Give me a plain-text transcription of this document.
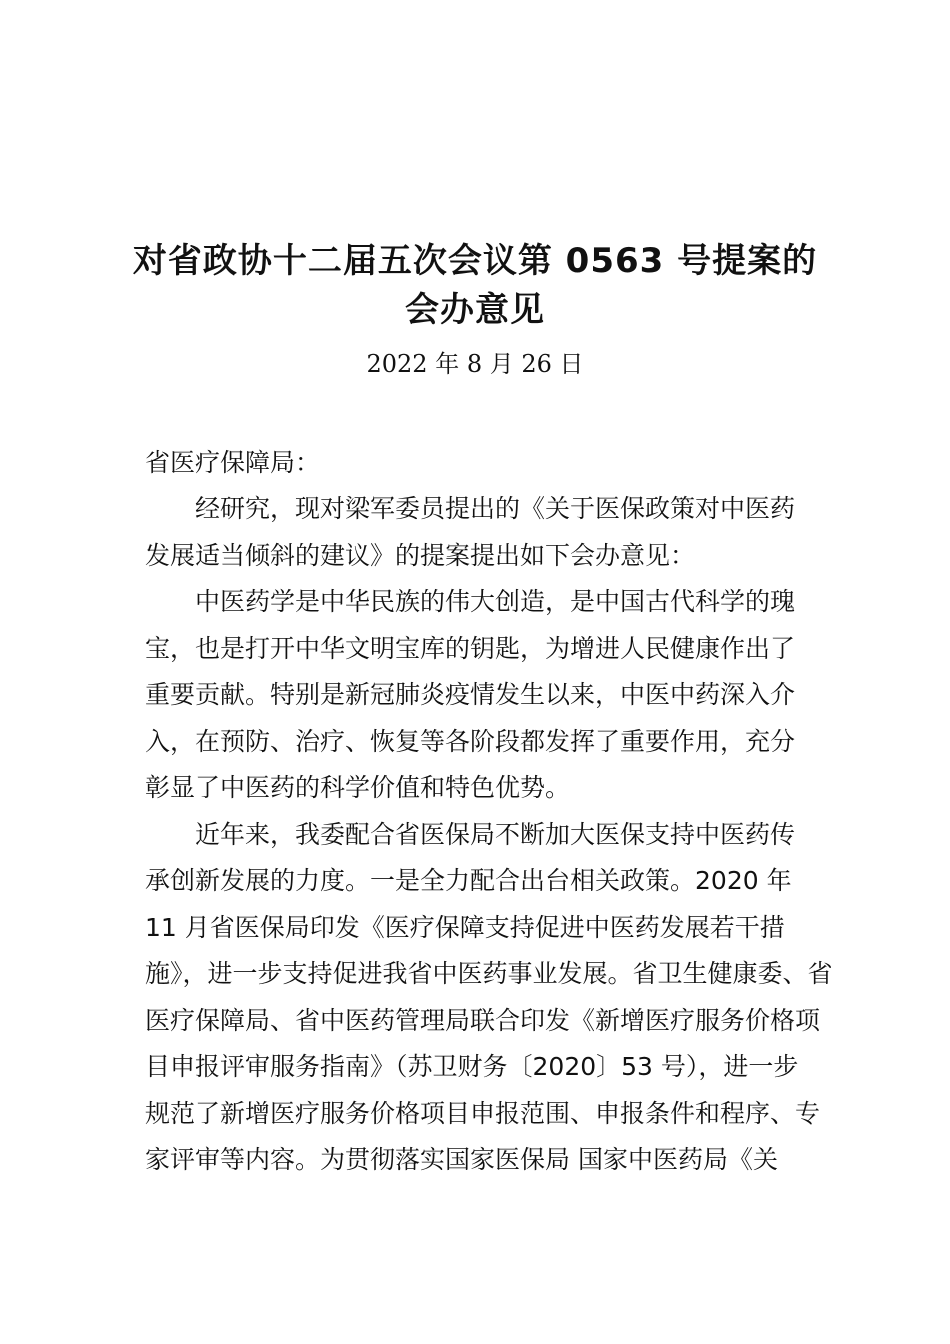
对省政协十二届五次会议第 0563 号提案的
会办意见
2022 年 8 月 26 日
省医疗保障局：
经研究，现对梁军委员提出的《关于医保政策对中医药
发展适当倾斜的建议》的提案提出如下会办意见：
中医药学是中华民族的伟大创造，是中国古代科学的瑰
宝，也是打开中华文明宝库的钥匙，为增进人民健康作出了
重要贡献。特别是新冠肺炎疫情发生以来，中医中药深入介
入，在预防、治疗、恢复等各阶段都发挥了重要作用，充分
彰显了中医药的科学价值和特色优势。
近年来，我委配合省医保局不断加大医保支持中医药传
承创新发展的力度。一是全力配合出台相关政策。2020 年
11 月省医保局印发《医疗保障支持促进中医药发展若干措
施》，进一步支持促进我省中医药事业发展。省卫生健康委、省
医疗保障局、省中医药管理局联合印发《新增医疗服务价格项
目申报评审服务指南》（苏卫财务〔2020〕53 号），进一步
规范了新增医疗服务价格项目申报范围、申报条件和程序、专
家评审等内容。为贯彻落实国家医保局 国家中医药局《关
